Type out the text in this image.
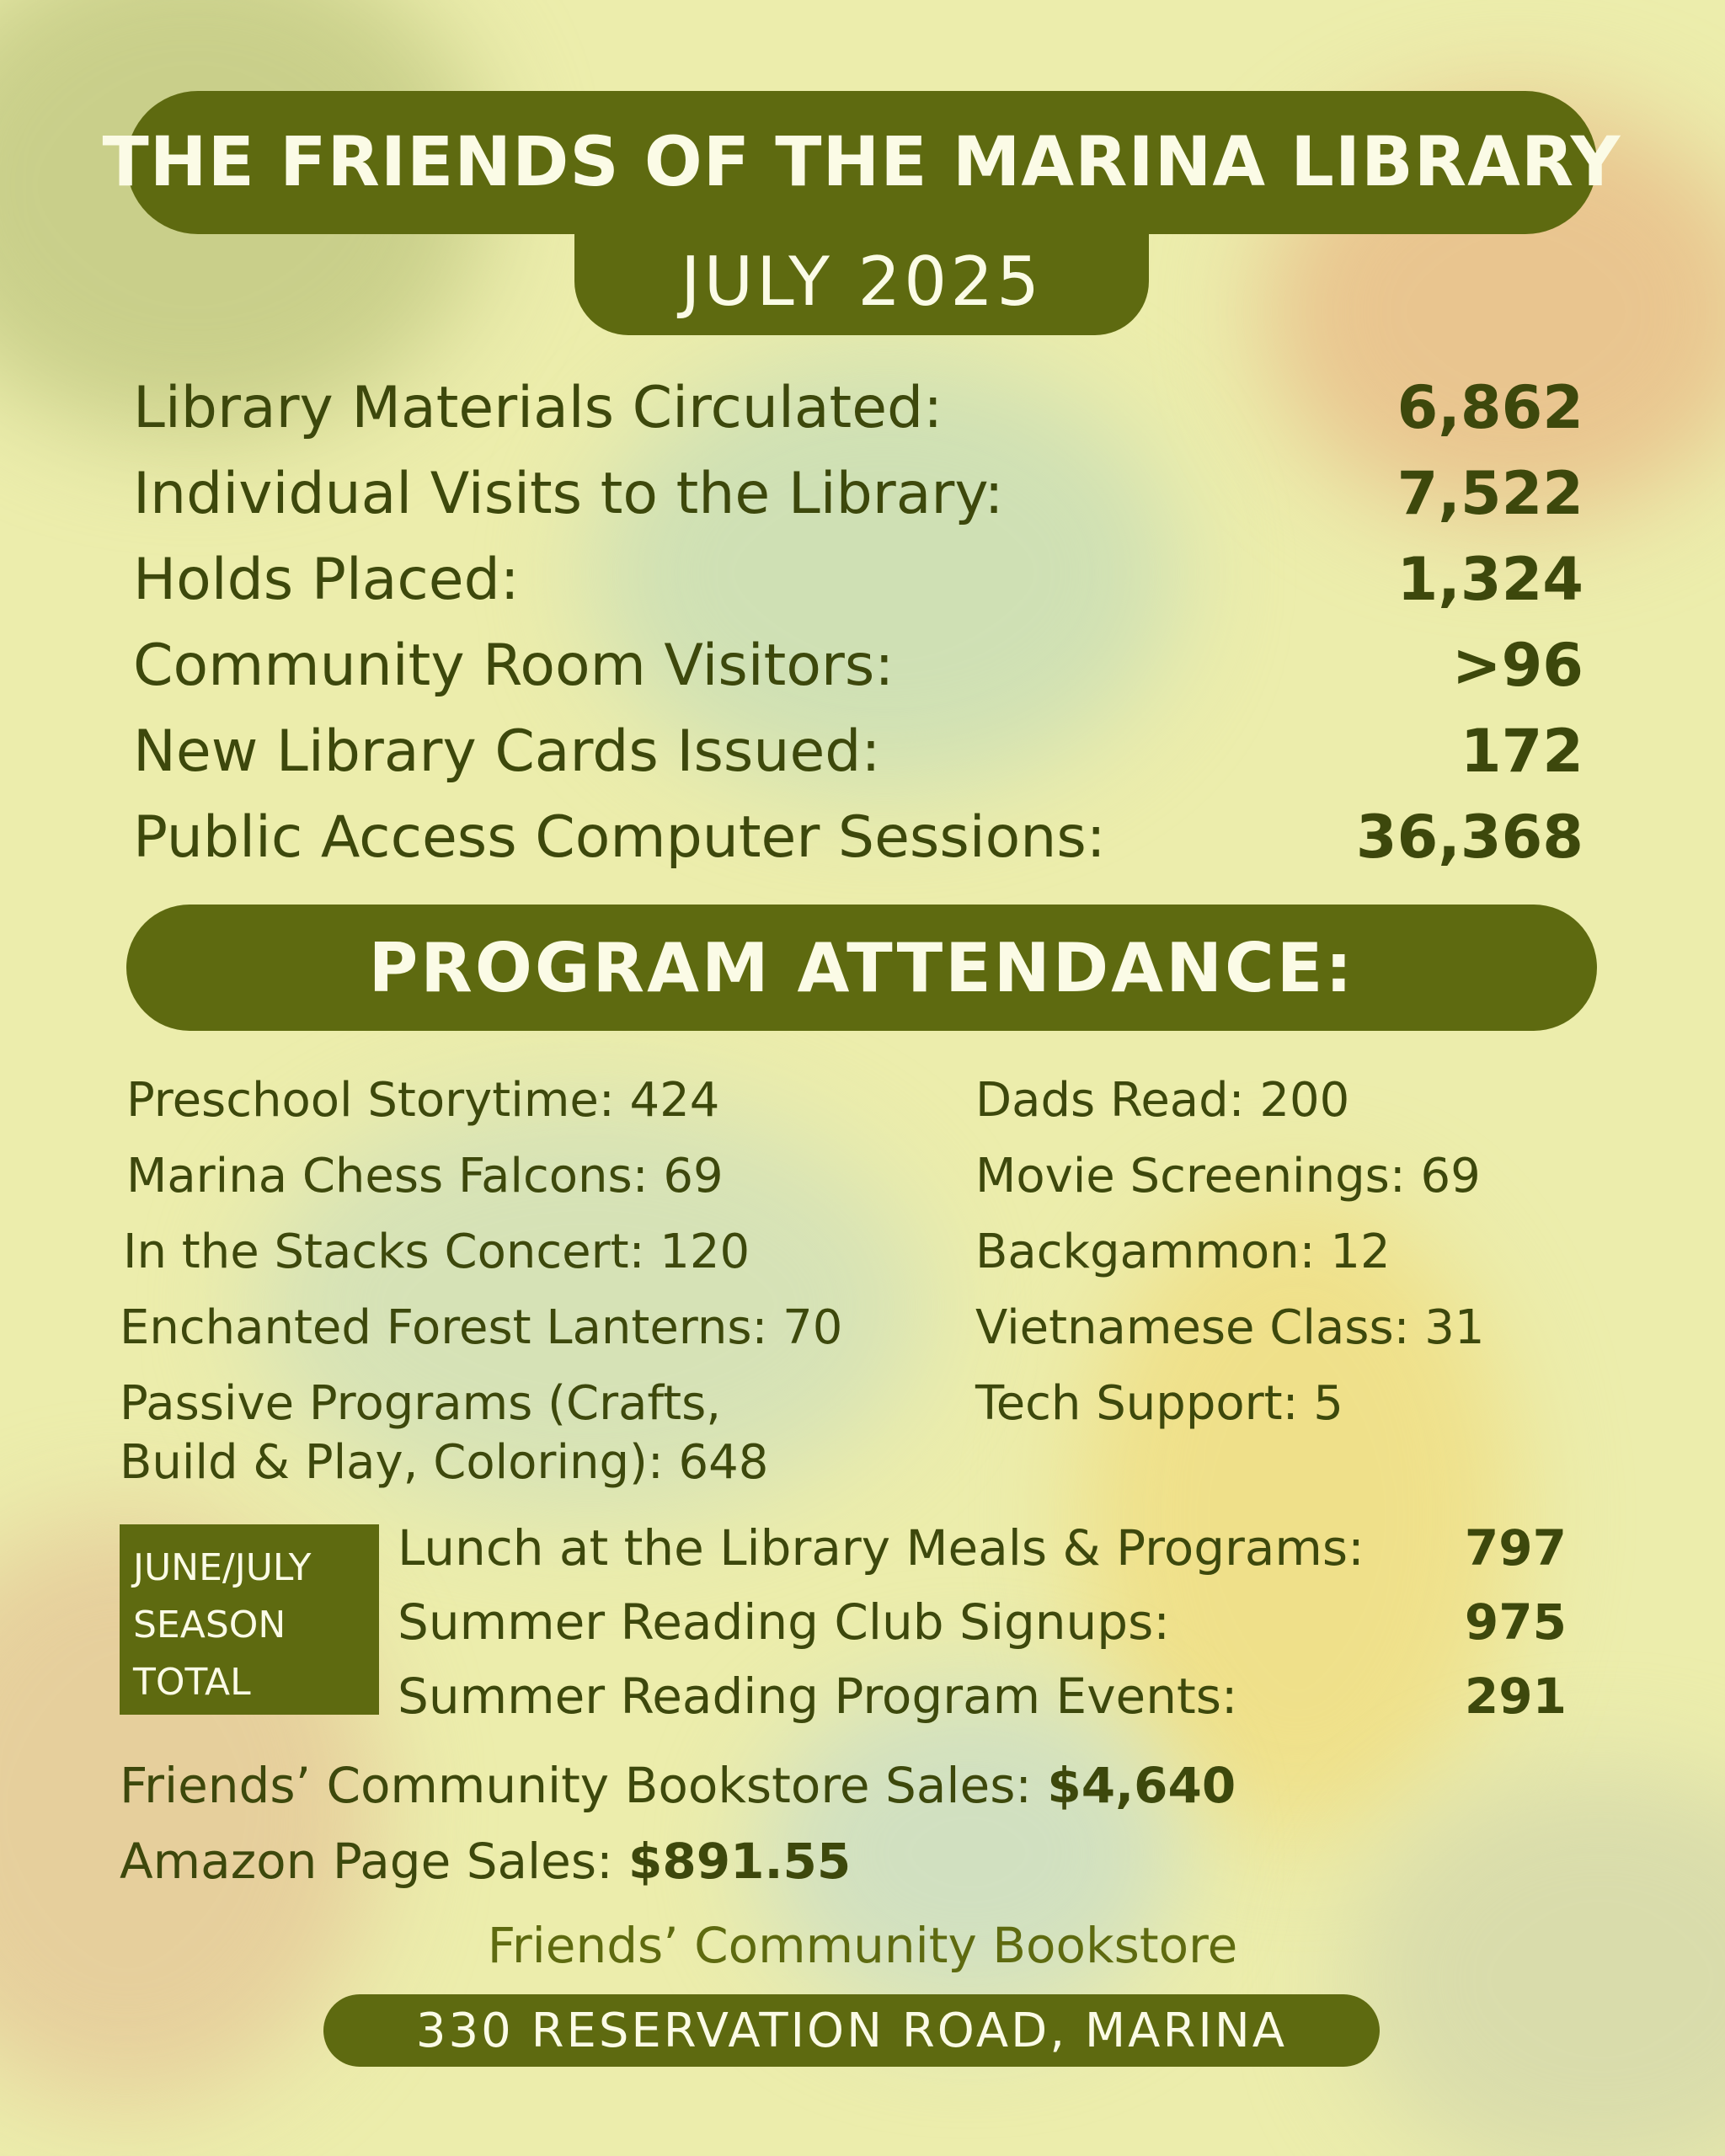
THE FRIENDS OF THE MARINA LIBRARY
JULY 2025
Library Materials Circulated:	6,862
Individual Visits to the Library:	7,522
Holds Placed:	1,324
Community Room Visitors:	>96
New Library Cards Issued:	172
Public Access Computer Sessions:	36,368
PROGRAM ATTENDANCE:
Preschool Storytime: 424
Marina Chess Falcons: 69
In the Stacks Concert: 120
Enchanted Forest Lanterns: 70
Passive Programs (Crafts,
Build & Play, Coloring): 648
Dads Read: 200
Movie Screenings: 69
Backgammon: 12
Vietnamese Class: 31
Tech Support: 5
JUNE/JULY
SEASON
TOTAL
Lunch at the Library Meals & Programs: 797
Summer Reading Club Signups:	975
Summer Reading Program Events:	291
Friends’ Community Bookstore Sales: $4,640
Amazon Page Sales: $891.55
Friends’ Community Bookstore
330 RESERVATION ROAD, MARINA
